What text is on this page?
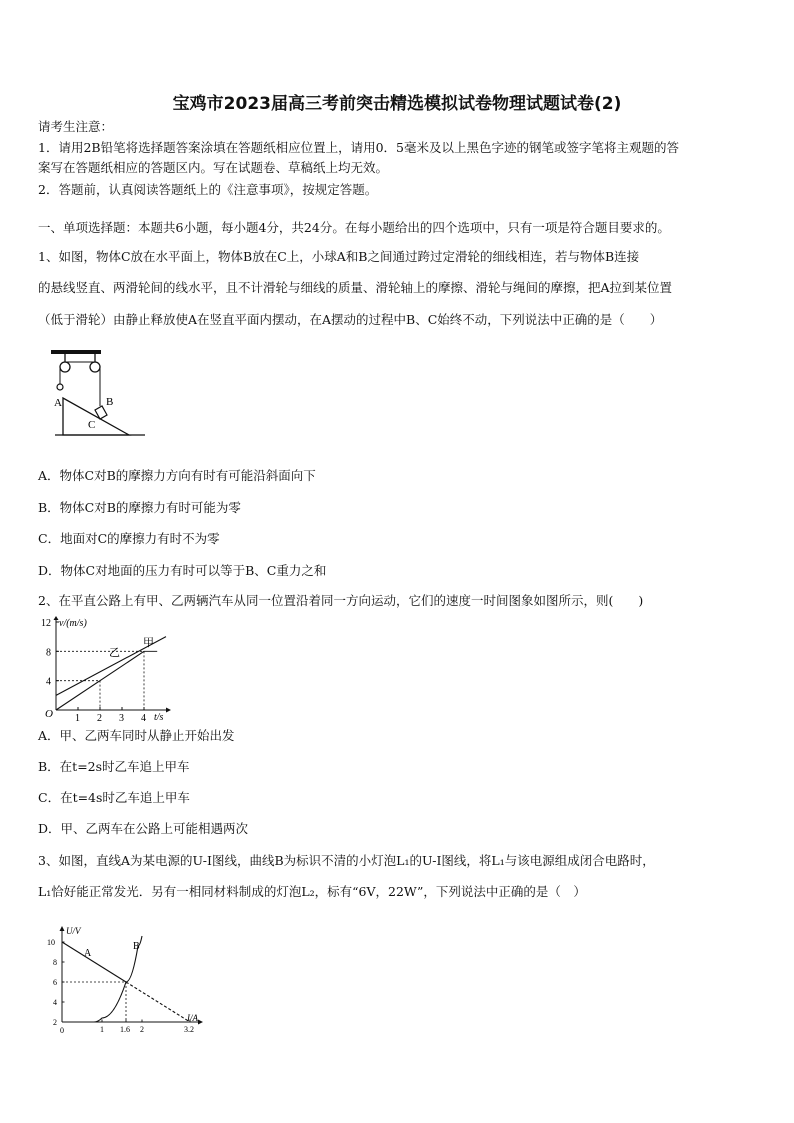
宝鸡市2023届高三考前突击精选模拟试卷物理试题试卷(2)
请考生注意：
1．请用2B铅笔将选择题答案涂填在答题纸相应位置上，请用0．5毫米及以上黑色字迹的钢笔或签字笔将主观题的答
案写在答题纸相应的答题区内。写在试题卷、草稿纸上均无效。
2．答题前，认真阅读答题纸上的《注意事项》，按规定答题。
一、单项选择题：本题共6小题，每小题4分，共24分。在每小题给出的四个选项中，只有一项是符合题目要求的。
1、如图，物体C放在水平面上，物体B放在C上，小球A和B之间通过跨过定滑轮的细线相连，若与物体B连接
的悬线竖直、两滑轮间的线水平，且不计滑轮与细线的质量、滑轮轴上的摩擦、滑轮与绳间的摩擦，把A拉到某位置
（低于滑轮）由静止释放使A在竖直平面内摆动，在A摆动的过程中B、C始终不动，下列说法中正确的是（　　）
A	B
C
A．物体C对B的摩擦力方向有时有可能沿斜面向下
B．物体C对B的摩擦力有时可能为零
C．地面对C的摩擦力有时不为零
D．物体C对地面的压力有时可以等于B、C重力之和
2、在平直公路上有甲、乙两辆汽车从同一位置沿着同一方向运动，它们的速度一时间图象如图所示，则(　　)
1 2 3 4
4
8
12 v/(m/s)
t/s
O
甲
乙
A．甲、乙两车同时从静止开始出发
B．在t=2s时乙车追上甲车
C．在t=4s时乙车追上甲车
D．甲、乙两车在公路上可能相遇两次
3、如图，直线A为某电源的U-I图线，曲线B为标识不清的小灯泡L₁的U-I图线，将L₁与该电源组成闭合电路时，
L₁恰好能正常发光．另有一相同材料制成的灯泡L₂，标有“6V，22W”，下列说法中正确的是（　）
1 1.6 2	3.2
2
4
6
8
10
U/V
I/A
0
A
B
